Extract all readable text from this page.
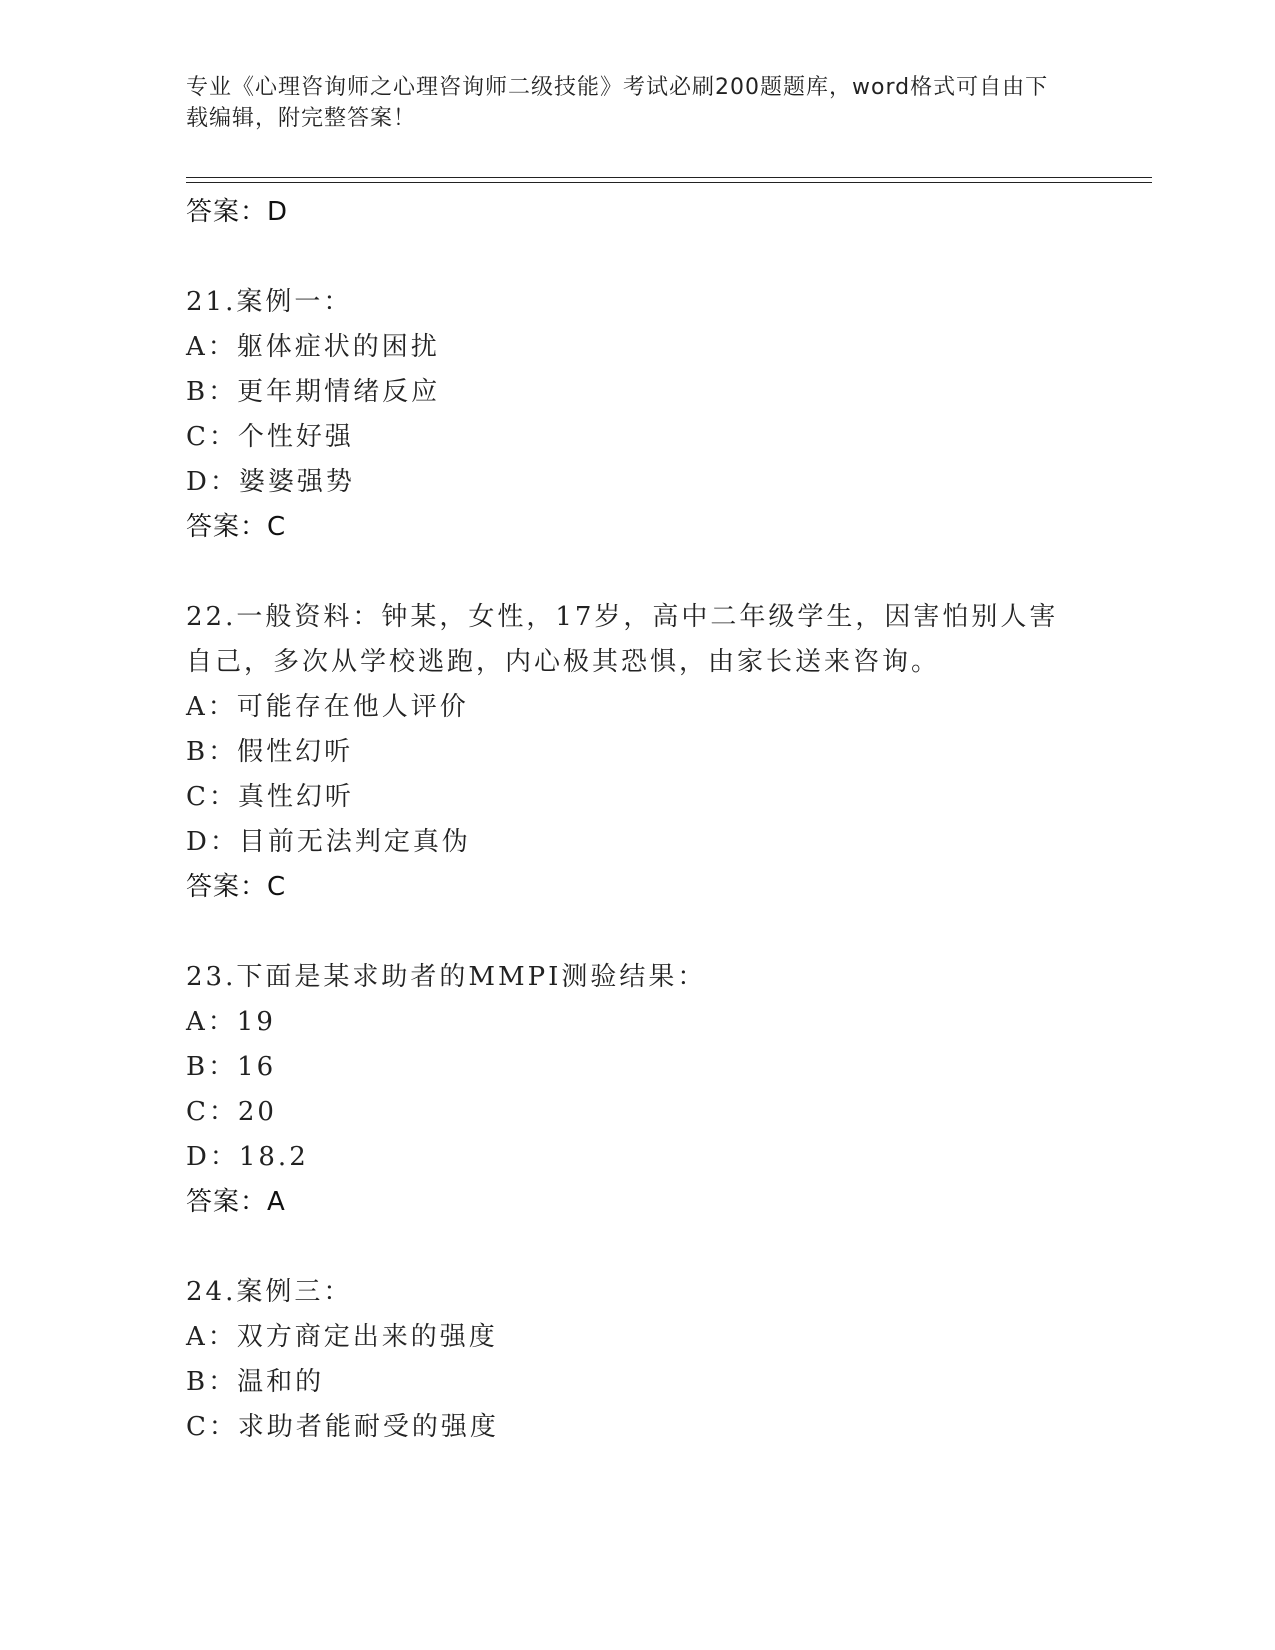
专业《心理咨询师之心理咨询师二级技能》考试必刷200题题库，word格式可自由下载编辑，附完整答案！
答案：D
21.案例一：
A：躯体症状的困扰
B：更年期情绪反应
C：个性好强
D：婆婆强势
答案：C
22.一般资料：钟某，女性，17岁，高中二年级学生，因害怕别人害自己，多次从学校逃跑，内心极其恐惧，由家长送来咨询。
A：可能存在他人评价
B：假性幻听
C：真性幻听
D：目前无法判定真伪
答案：C
23.下面是某求助者的MMPI测验结果：
A：19
B：16
C：20
D：18.2
答案：A
24.案例三：
A：双方商定出来的强度
B：温和的
C：求助者能耐受的强度
